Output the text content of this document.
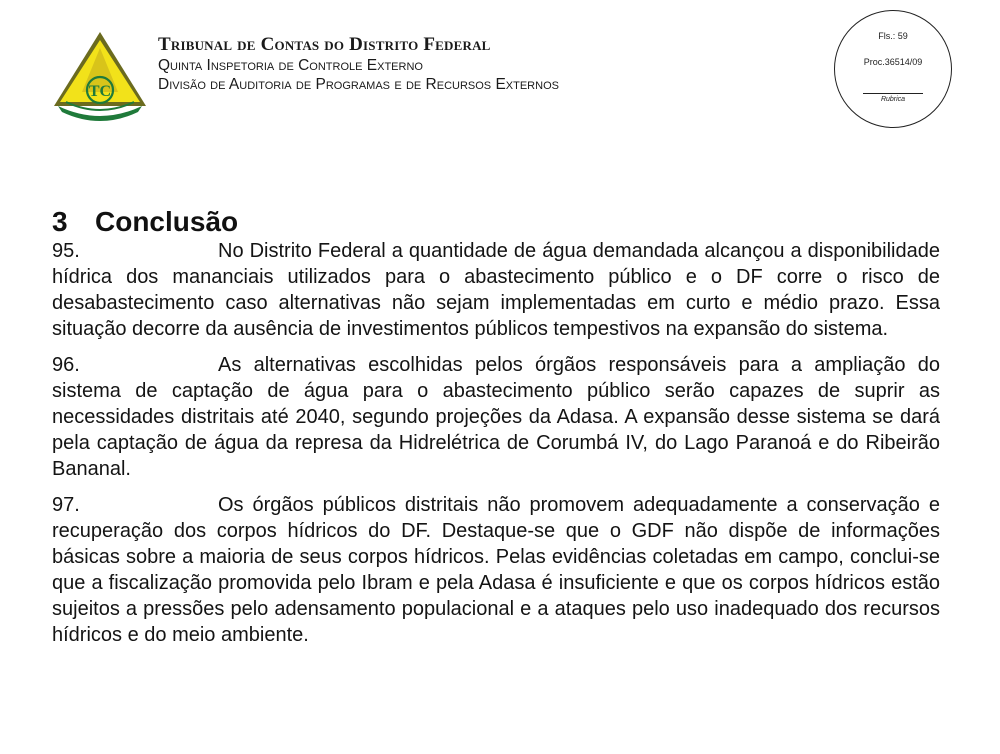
TC
Tribunal de Contas do Distrito Federal
Quinta Inspetoria de Controle Externo
Divisão de Auditoria de Programas e de Recursos Externos
Fls.: 59
Proc.36514/09
Rubrica
3 Conclusão
95.	No Distrito Federal a quantidade de água demandada alcançou a disponibilidade hídrica dos mananciais utilizados para o abastecimento público e o DF corre o risco de desabastecimento caso alternativas não sejam implementadas em curto e médio prazo. Essa situação decorre da ausência de investimentos públicos tempestivos na expansão do sistema.
96.	As alternativas escolhidas pelos órgãos responsáveis para a ampliação do sistema de captação de água para o abastecimento público serão capazes de suprir as necessidades distritais até 2040, segundo projeções da Adasa. A expansão desse sistema se dará pela captação de água da represa da Hidrelétrica de Corumbá IV, do Lago Paranoá e do Ribeirão Bananal.
97.	Os órgãos públicos distritais não promovem adequadamente a conservação e recuperação dos corpos hídricos do DF. Destaque-se que o GDF não dispõe de informações básicas sobre a maioria de seus corpos hídricos. Pelas evidências coletadas em campo, conclui-se que a fiscalização promovida pelo Ibram e pela Adasa é insuficiente e que os corpos hídricos estão sujeitos a pressões pelo adensamento populacional e a ataques pelo uso inadequado dos recursos hídricos e do meio ambiente.
